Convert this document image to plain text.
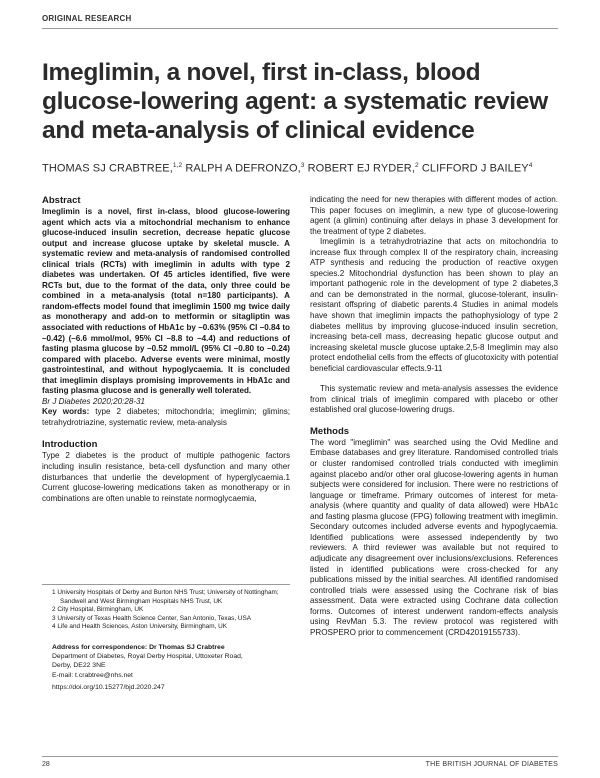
ORIGINAL RESEARCH
Imeglimin, a novel, first in-class, blood glucose-lowering agent: a systematic review and meta-analysis of clinical evidence
THOMAS SJ CRABTREE,$^{1,2}$ RALPH A DEFRONZO,$^3$ ROBERT EJ RYDER,$^2$ CLIFFORD J BAILEY$^4$
Abstract

Imeglimin is a novel, first in-class, blood glucose-lowering agent which acts via a mitochondrial mechanism to enhance glucose-induced insulin secretion, decrease hepatic glucose output and increase glucose uptake by skeletal muscle. A systematic review and meta-analysis of randomised controlled clinical trials (RCTs) with imeglimin in adults with type 2 diabetes was undertaken. Of 45 articles identified, five were RCTs but, due to the format of the data, only three could be combined in a meta-analysis (total n=180 participants). A random-effects model found that imeglimin 1500 mg twice daily as monotherapy and add-on to metformin or sitagliptin was associated with reductions of HbA1c by –0.63% (95% CI –0.84 to –0.42) (–6.6 mmol/mol, 95% CI –8.8 to –4.4) and reductions of fasting plasma glucose by –0.52 mmol/L (95% CI –0.80 to –0.24) compared with placebo. Adverse events were minimal, mostly gastrointestinal, and without hypoglycaemia. It is concluded that imeglimin displays promising improvements in HbA1c and fasting plasma glucose and is generally well tolerated.

Br J Diabetes 2020;20:28-31

Key words: type 2 diabetes; mitochondria; imeglimin; glimins; tetrahydrotriazine, systematic review, meta-analysis

Introduction

Type 2 diabetes is the product of multiple pathogenic factors including insulin resistance, beta-cell dysfunction and many other disturbances that underlie the development of hyperglycaemia.1 Current glucose-lowering medications taken as monotherapy or in combinations are often unable to reinstate normoglycaemia,

1 University Hospitals of Derby and Burton NHS Trust; University of Nottingham; Sandwell and West Birmingham Hospitals NHS Trust, UK

2 City Hospital, Birmingham, UK

3 University of Texas Health Science Center, San Antonio, Texas, USA

4 Life and Health Sciences, Aston University, Birmingham, UK

Address for correspondence: Dr Thomas SJ Crabtree
Department of Diabetes, Royal Derby Hospital, Uttoxeter Road,
Derby, DE22 3NE
E-mail: t.crabtree@nhs.net
https://doi.org/10.15277/bjd.2020.247

indicating the need for new therapies with different modes of action. This paper focuses on imeglimin, a new type of glucose-lowering agent (a glimin) continuing after delays in phase 3 development for the treatment of type 2 diabetes.

Imeglimin is a tetrahydrotriazine that acts on mitochondria to increase flux through complex II of the respiratory chain, increasing ATP synthesis and reducing the production of reactive oxygen species.2 Mitochondrial dysfunction has been shown to play an important pathogenic role in the development of type 2 diabetes,3 and can be demonstrated in the normal, glucose-tolerant, insulin-resistant offspring of diabetic parents.4 Studies in animal models have shown that imeglimin impacts the pathophysiology of type 2 diabetes mellitus by improving glucose-induced insulin secretion, increasing beta-cell mass, decreasing hepatic glucose output and increasing skeletal muscle glucose uptake.2,5-8 Imeglimin may also protect endothelial cells from the effects of glucotoxicity with potential beneficial cardiovascular effects.9-11

This systematic review and meta-analysis assesses the evidence from clinical trials of imeglimin compared with placebo or other established oral glucose-lowering drugs.

Methods

The word "imeglimin" was searched using the Ovid Medline and Embase databases and grey literature. Randomised controlled trials or cluster randomised controlled trials conducted with imeglimin against placebo and/or other oral glucose-lowering agents in human subjects were considered for inclusion. There were no restrictions of language or timeframe. Primary outcomes of interest for meta-analysis (where quantity and quality of data allowed) were HbA1c and fasting plasma glucose (FPG) following treatment with imeglimin. Secondary outcomes included adverse events and hypoglycaemia. Identified publications were assessed independently by two reviewers. A third reviewer was available but not required to adjudicate any disagreement over inclusions/exclusions. References listed in identified publications were cross-checked for any publications missed by the initial searches. All identified randomised controlled trials were assessed using the Cochrane risk of bias assessment. Data were extracted using Cochrane data collection forms. Outcomes of interest underwent random-effects analysis using RevMan 5.3. The review protocol was registered with PROSPERO prior to commencement (CRD42019155733).

28	THE BRITISH JOURNAL OF DIABETES
